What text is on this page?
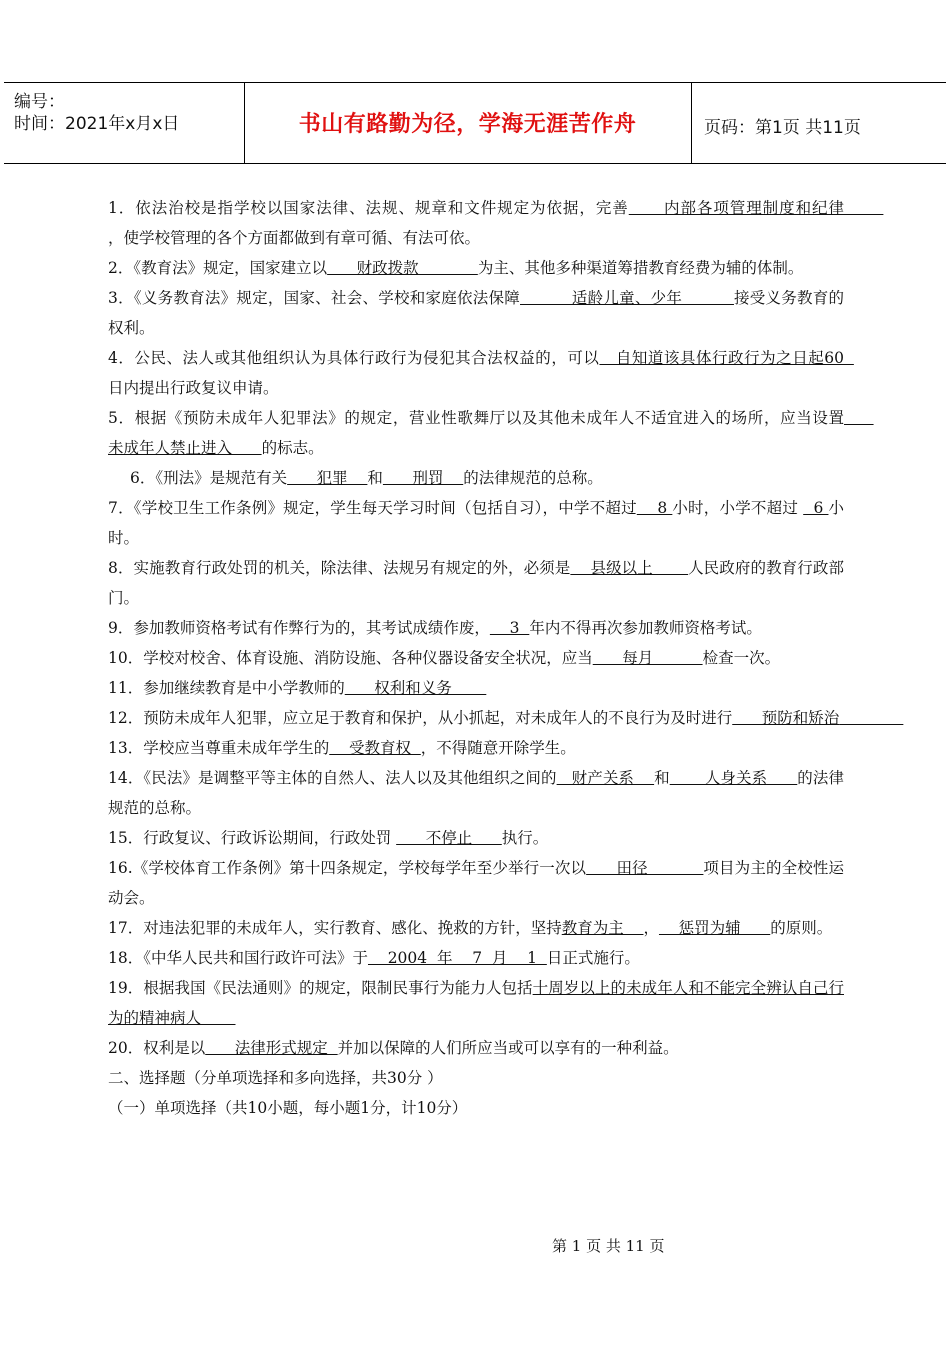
编号：
时间：2021年x月x日	书山有路勤为径，学海无涯苦作舟	页码：第1页 共11页
1．依法治校是指学校以国家法律、法规、规章和文件规定为依据，完善      内部各项管理制度和纪律        ，使学校管理的各个方面都做到有章可循、有法可依。
2．《教育法》规定，国家建立以      财政拨款            为主、其他多种渠道筹措教育经费为辅的体制。
3．《义务教育法》规定，国家、社会、学校和家庭依法保障          适龄儿童、少年          接受义务教育的权利。
4．公民、法人或其他组织认为具体行政行为侵犯其合法权益的，可以   自知道该具体行政行为之日起60  日内提出行政复议申请。
5．根据《预防未成年人犯罪法》的规定，营业性歌舞厅以及其他未成年人不适宜进入的场所，应当设置      未成年人禁止进入      的标志。
6．《刑法》是规范有关      犯罪    和      刑罚    的法律规范的总称。
7．《学校卫生工作条例》规定，学生每天学习时间（包括自习），中学不超过    8 小时，小学不超过   6 小时。
8．实施教育行政处罚的机关，除法律、法规另有规定的外，必须是    县级以上       人民政府的教育行政部门。
9．参加教师资格考试有作弊行为的，其考试成绩作废，    3  年内不得再次参加教师资格考试。
10．学校对校舍、体育设施、消防设施、各种仪器设备安全状况，应当      每月          检查一次。
11．参加继续教育是中小学教师的      权利和义务
12．预防未成年人犯罪，应立足于教育和保护，从小抓起，对未成年人的不良行为及时进行      预防和矫治
13．学校应当尊重未成年学生的    受教育权  ，不得随意开除学生。
14．《民法》是调整平等主体的自然人、法人以及其他组织之间的   财产关系    和       人身关系      的法律规范的总称。
15．行政复议、行政诉讼期间，行政处罚       不停止      执行。
16.《学校体育工作条例》第十四条规定，学校每学年至少举行一次以      田径           项目为主的全校性运动会。
17．对违法犯罪的未成年人，实行教育、感化、挽救的方针，坚持教育为主    ，    惩罚为辅      的原则。
18．《中华人民共和国行政许可法》于    2004  年    7  月    1  日正式施行。
19．根据我国《民法通则》的规定，限制民事行为能力人包括十周岁以上的未成年人和不能完全辨认自己行为的精神病人
20．权利是以      法律形式规定  并加以保障的人们所应当或可以享有的一种利益。
二、选择题（分单项选择和多向选择，共30分 ）
（一）单项选择（共10小题，每小题1分，计10分）
第 1 页 共 11 页
